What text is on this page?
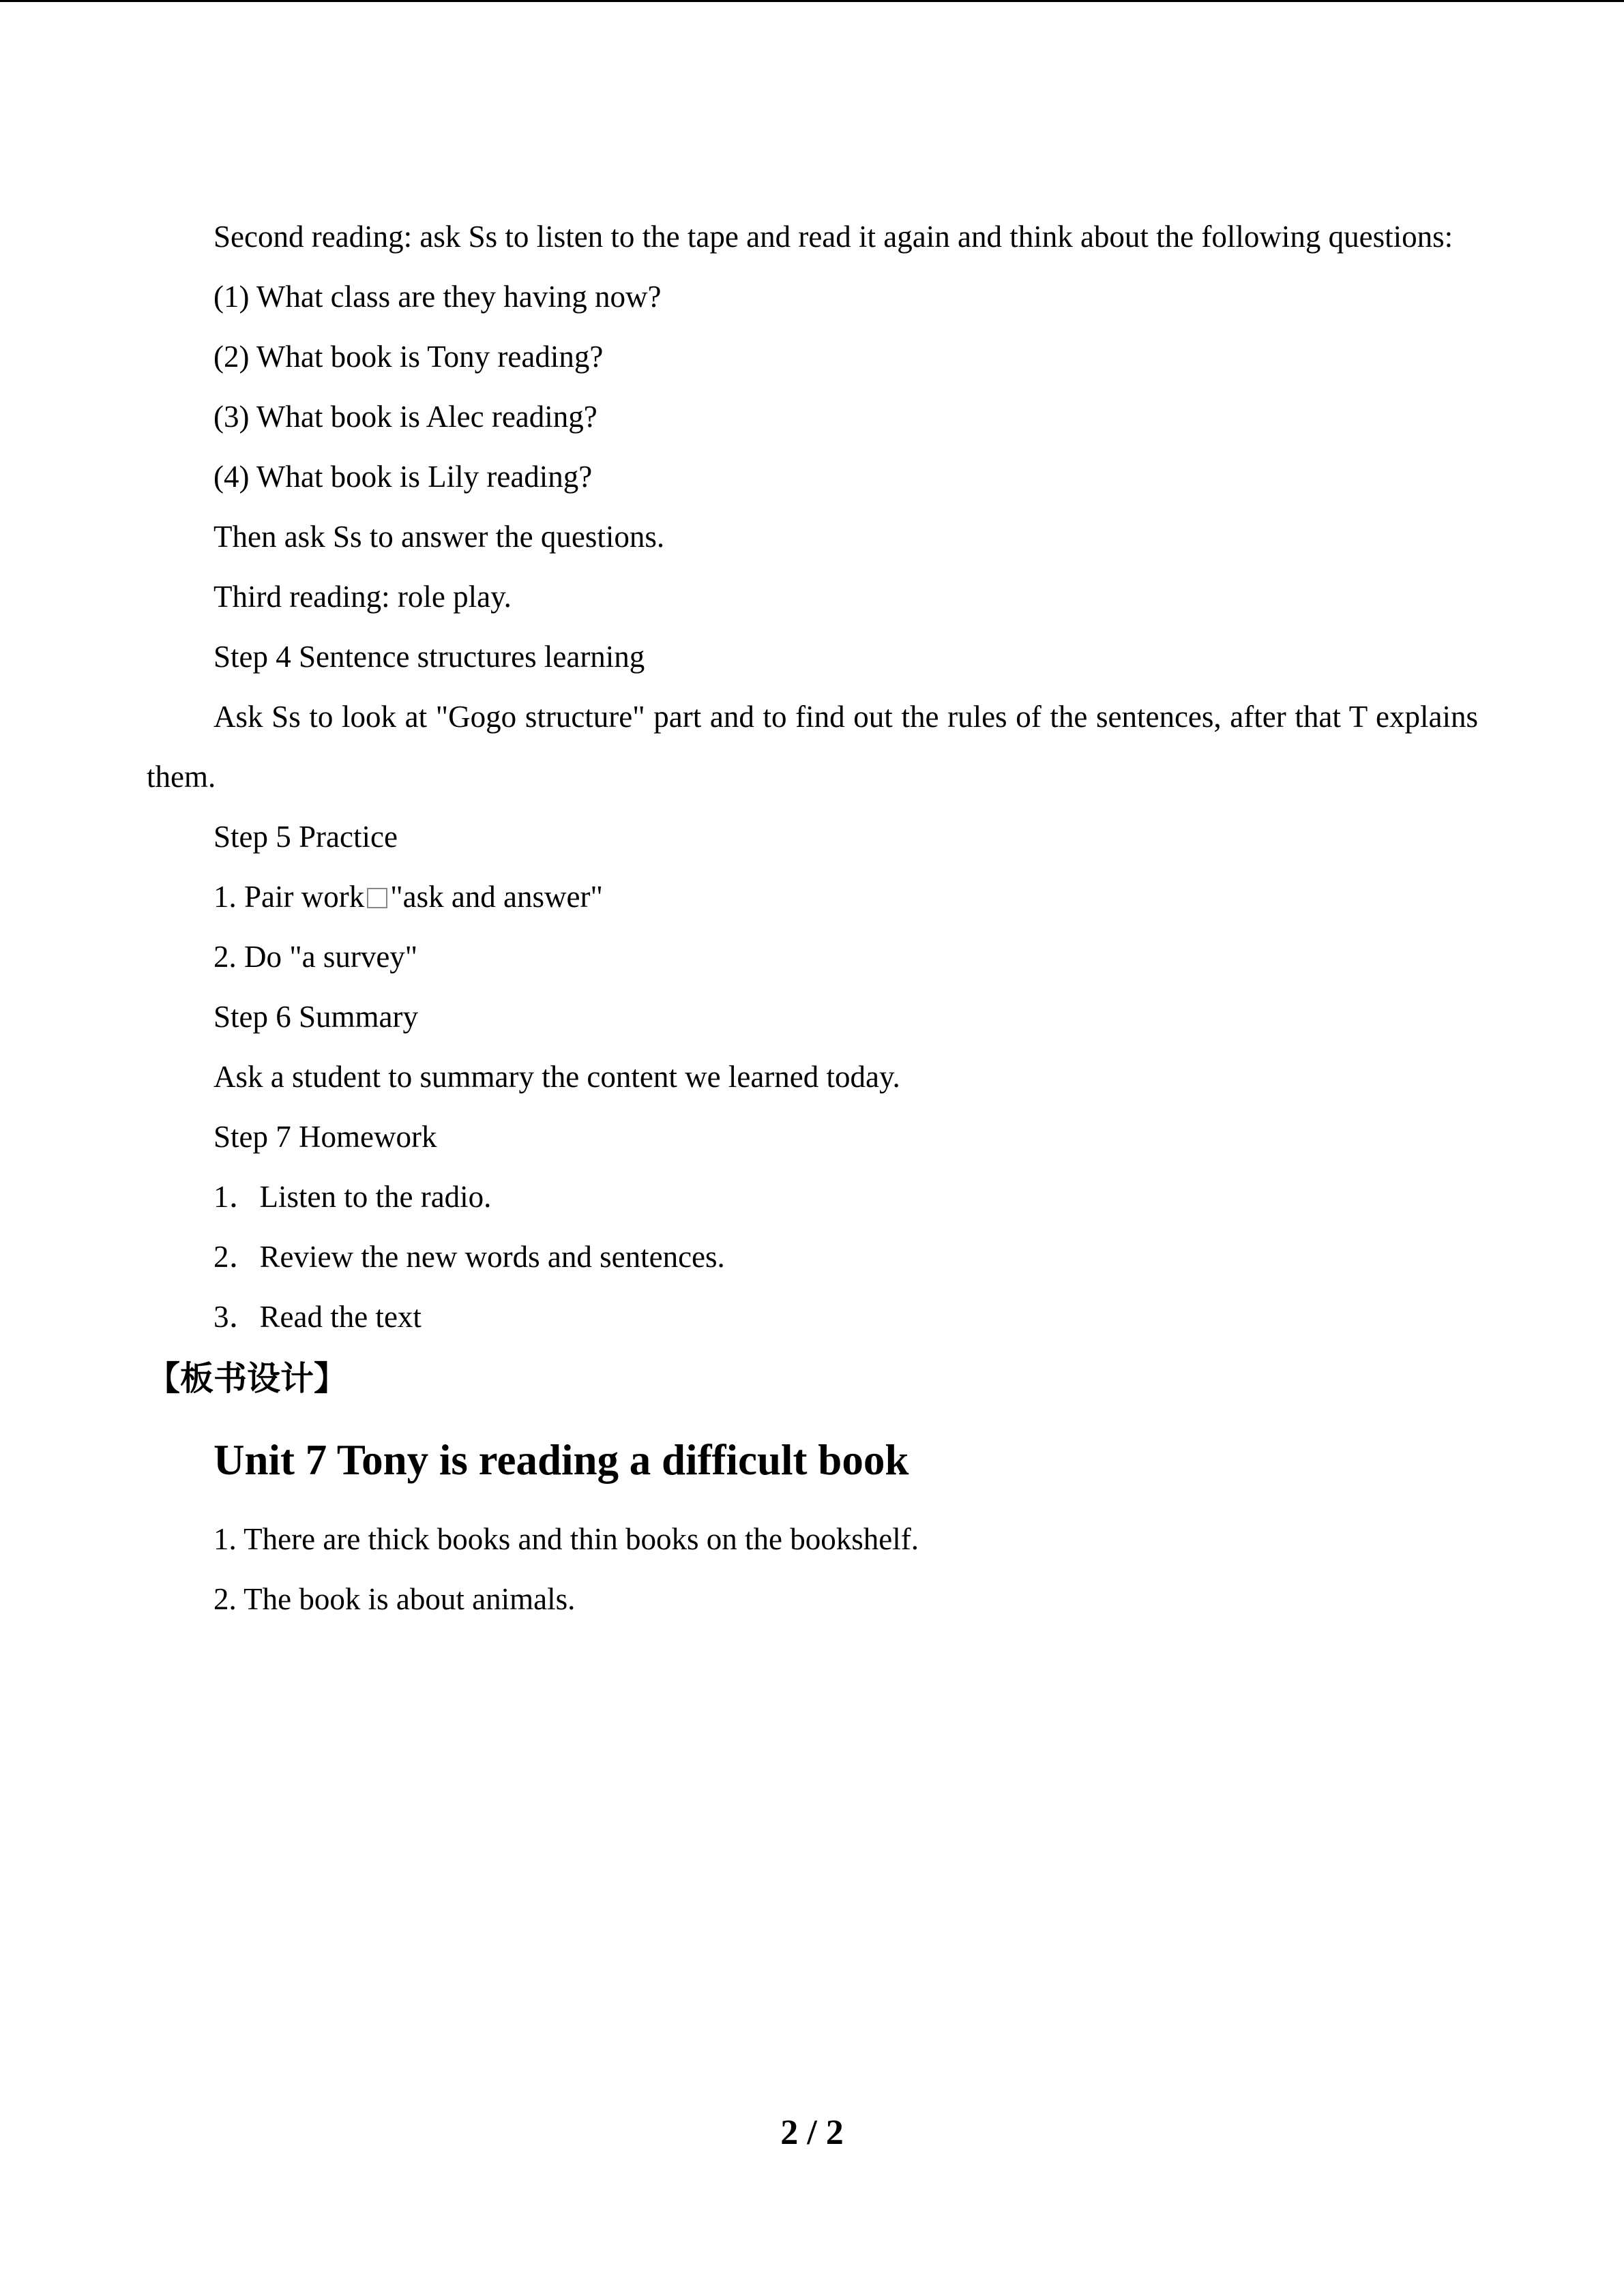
Second reading: ask Ss to listen to the tape and read it again and think about the following questions:

(1) What class are they having now?

(2) What book is Tony reading?

(3) What book is Alec reading?

(4) What book is Lily reading?

Then ask Ss to answer the questions.

Third reading: role play.

Step 4 Sentence structures learning

Ask Ss to look at "Gogo structure" part and to find out the rules of the sentences, after that T explains them.

Step 5 Practice

1. Pair work "ask and answer"

2. Do "a survey"

Step 6 Summary

Ask a student to summary the content we learned today.

Step 7 Homework

1．Listen to the radio.

2．Review the new words and sentences.

3．Read the text

【板书设计】

Unit 7 Tony is reading a difficult book

1. There are thick books and thin books on the bookshelf.

2. The book is about animals.

2 / 2
